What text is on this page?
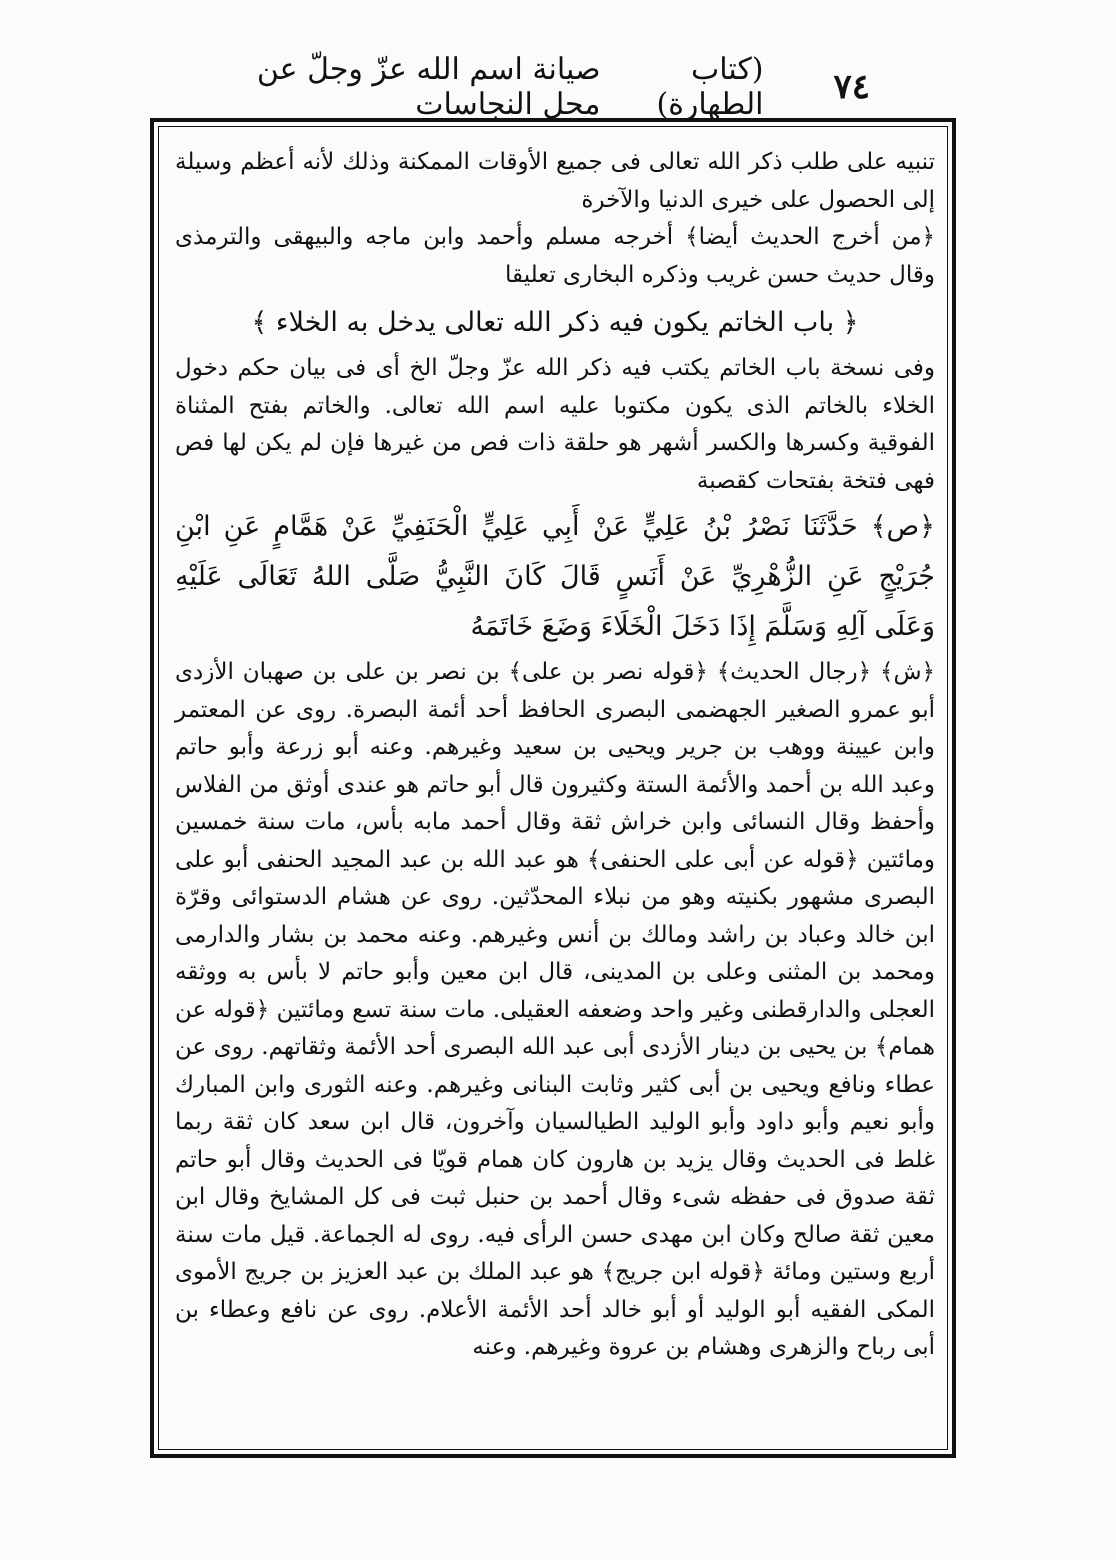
٧٤
(كتاب الطهارة)
صيانة اسم الله عزّ وجلّ عن محل النجاسات

تنبيه على طلب ذكر الله تعالى فى جميع الأوقات الممكنة وذلك لأنه أعظم وسيلة إلى الحصول على خيرى الدنيا والآخرة

﴿من أخرج الحديث أيضا﴾ أخرجه مسلم وأحمد وابن ماجه والبيهقى والترمذى وقال حديث حسن غريب وذكره البخارى تعليقا

﴿ باب الخاتم يكون فيه ذكر الله تعالى يدخل به الخلاء ﴾

وفى نسخة باب الخاتم يكتب فيه ذكر الله عزّ وجلّ الخ أى فى بيان حكم دخول الخلاء بالخاتم الذى يكون مكتوبا عليه اسم الله تعالى. والخاتم بفتح المثناة الفوقية وكسرها والكسر أشهر هو حلقة ذات فص من غيرها فإن لم يكن لها فص فهى فتخة بفتحات كقصبة

﴿ص﴾ حَدَّثَنَا نَصْرُ بْنُ عَلِيٍّ عَنْ أَبِي عَلِيٍّ الْحَنَفِيِّ عَنْ هَمَّامٍ عَنِ ابْنِ جُرَيْجٍ عَنِ الزُّهْرِيِّ عَنْ أَنَسٍ قَالَ كَانَ النَّبِيُّ صَلَّى اللهُ تَعَالَى عَلَيْهِ وَعَلَى آلِهِ وَسَلَّمَ إِذَا دَخَلَ الْخَلَاءَ وَضَعَ خَاتَمَهُ

﴿ش﴾ ﴿رجال الحديث﴾ ﴿قوله نصر بن على﴾ بن نصر بن على بن صهبان الأزدى أبو عمرو الصغير الجهضمى البصرى الحافظ أحد أئمة البصرة. روى عن المعتمر وابن عيينة ووهب بن جرير ويحيى بن سعيد وغيرهم. وعنه أبو زرعة وأبو حاتم وعبد الله بن أحمد والأئمة الستة وكثيرون قال أبو حاتم هو عندى أوثق من الفلاس وأحفظ وقال النسائى وابن خراش ثقة وقال أحمد مابه بأس، مات سنة خمسين ومائتين ﴿قوله عن أبى على الحنفى﴾ هو عبد الله بن عبد المجيد الحنفى أبو على البصرى مشهور بكنيته وهو من نبلاء المحدّثين. روى عن هشام الدستوائى وقرّة ابن خالد وعباد بن راشد ومالك بن أنس وغيرهم. وعنه محمد بن بشار والدارمى ومحمد بن المثنى وعلى بن المدينى، قال ابن معين وأبو حاتم لا بأس به ووثقه العجلى والدارقطنى وغير واحد وضعفه العقيلى. مات سنة تسع ومائتين ﴿قوله عن همام﴾ بن يحيى بن دينار الأزدى أبى عبد الله البصرى أحد الأئمة وثقاتهم. روى عن عطاء ونافع ويحيى بن أبى كثير وثابت البنانى وغيرهم. وعنه الثورى وابن المبارك وأبو نعيم وأبو داود وأبو الوليد الطيالسيان وآخرون، قال ابن سعد كان ثقة ربما غلط فى الحديث وقال يزيد بن هارون كان همام قويّا فى الحديث وقال أبو حاتم ثقة صدوق فى حفظه شىء وقال أحمد بن حنبل ثبت فى كل المشايخ وقال ابن معين ثقة صالح وكان ابن مهدى حسن الرأى فيه. روى له الجماعة. قيل مات سنة أربع وستين ومائة ﴿قوله ابن جريج﴾ هو عبد الملك بن عبد العزيز بن جريج الأموى المكى الفقيه أبو الوليد أو أبو خالد أحد الأئمة الأعلام. روى عن نافع وعطاء بن أبى رباح والزهرى وهشام بن عروة وغيرهم. وعنه
